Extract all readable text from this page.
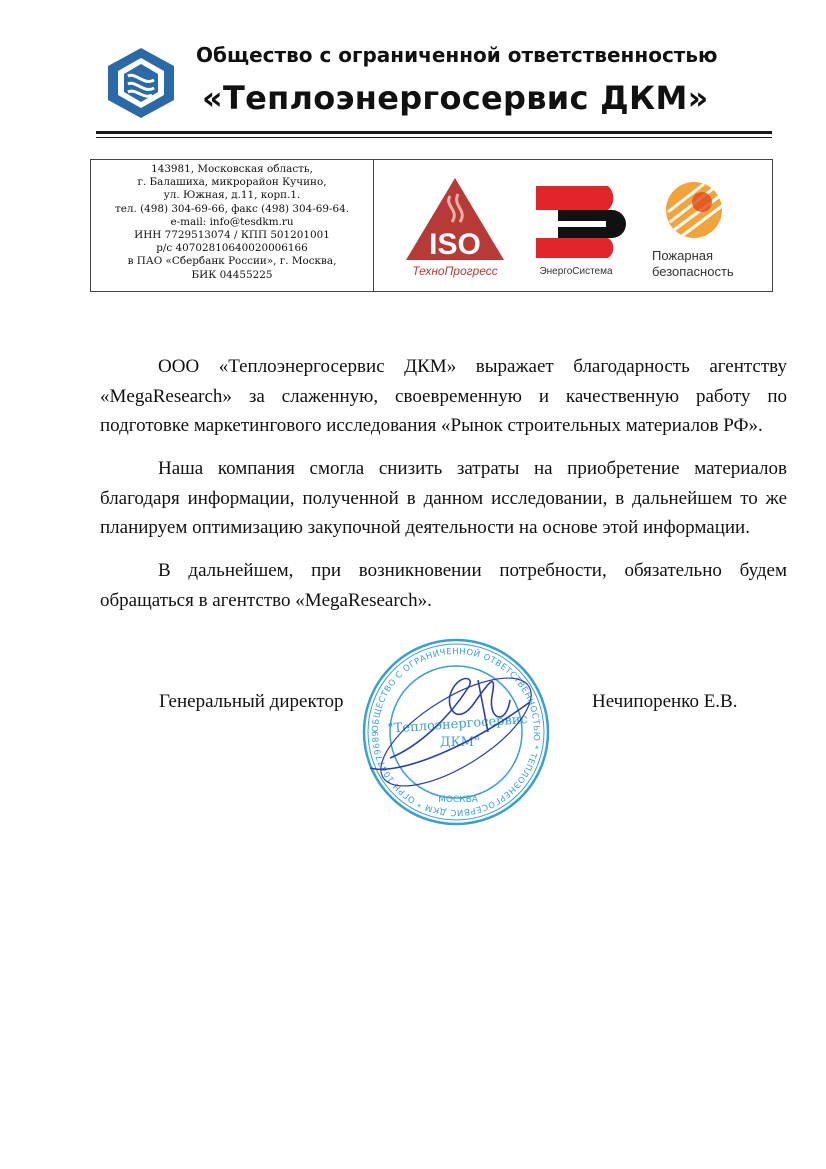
Общество с ограниченной ответственностью
«Теплоэнергосервис ДКМ»
143981, Московская область,
г. Балашиха, микрорайон Кучино,
ул. Южная, д.11, корп.1.
тел. (498) 304-69-66, факс (498) 304-69-64.
e-mail: info@tesdkm.ru
ИНН 7729513074 / КПП 501201001
р/с 40702810640020006166
в ПАО «Сбербанк России», г. Москва,
БИК 04455225
ISO
ТехноПрогресс	ЭнергоСистема
Пожарная
безопасность
ООО «Теплоэнергосервис ДКМ» выражает благодарность агентству «MegaResearch» за слаженную, своевременную и качественную работу по подготовке маркетингового исследования «Рынок строительных материалов РФ».
Наша компания смогла снизить затраты на приобретение материалов благодаря информации, полученной в данном исследовании, в дальнейшем то же планируем оптимизацию закупочной деятельности на основе этой информации.
В дальнейшем, при возникновении потребности, обязательно будем обращаться в агентство «MegaResearch».
ОБЩЕСТВО С ОГРАНИЧЕННОЙ ОТВЕТСТВЕННОСТЬЮ * ТЕПЛОЭНЕРГОСЕРВИС ДКМ * ОГРН 104779689 "Теплоэнергосервис
ДКМ"
МОСКВА
Генеральный директор	Нечипоренко Е.В.
